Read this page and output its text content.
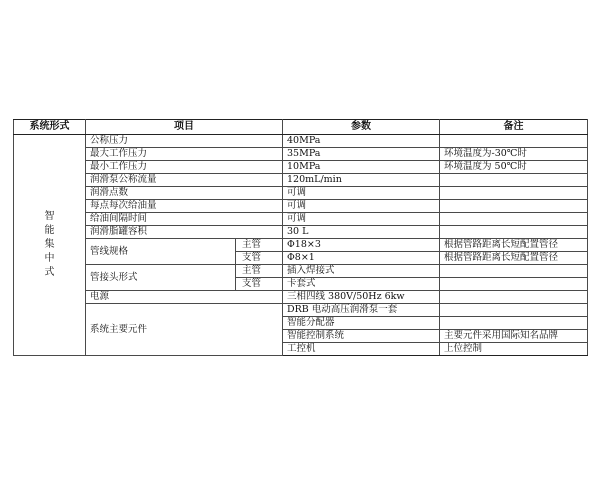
系统形式	项目		参数	备注
智能集中式	公称压力		40MPa	
	最大工作压力		35MPa	环境温度为-30℃时
	最小工作压力		10MPa	环境温度为 50℃时
	润滑泵公称流量		120mL/min	
	润滑点数		可调	
	每点每次给油量		可调	
	给油间隔时间		可调	
	润滑脂罐容积		30 L	
	管线规格	主管	Φ18×3	根据管路距离长短配置管径
		支管	Φ8×1	根据管路距离长短配置管径
	管接头形式	主管	插入焊接式	
		支管	卡套式	
	电源		三相四线 380V/50Hz 6kw	
	系统主要元件		DRB 电动高压润滑泵一套	
			智能分配器	
			智能控制系统	主要元件采用国际知名品牌
			工控机	上位控制
